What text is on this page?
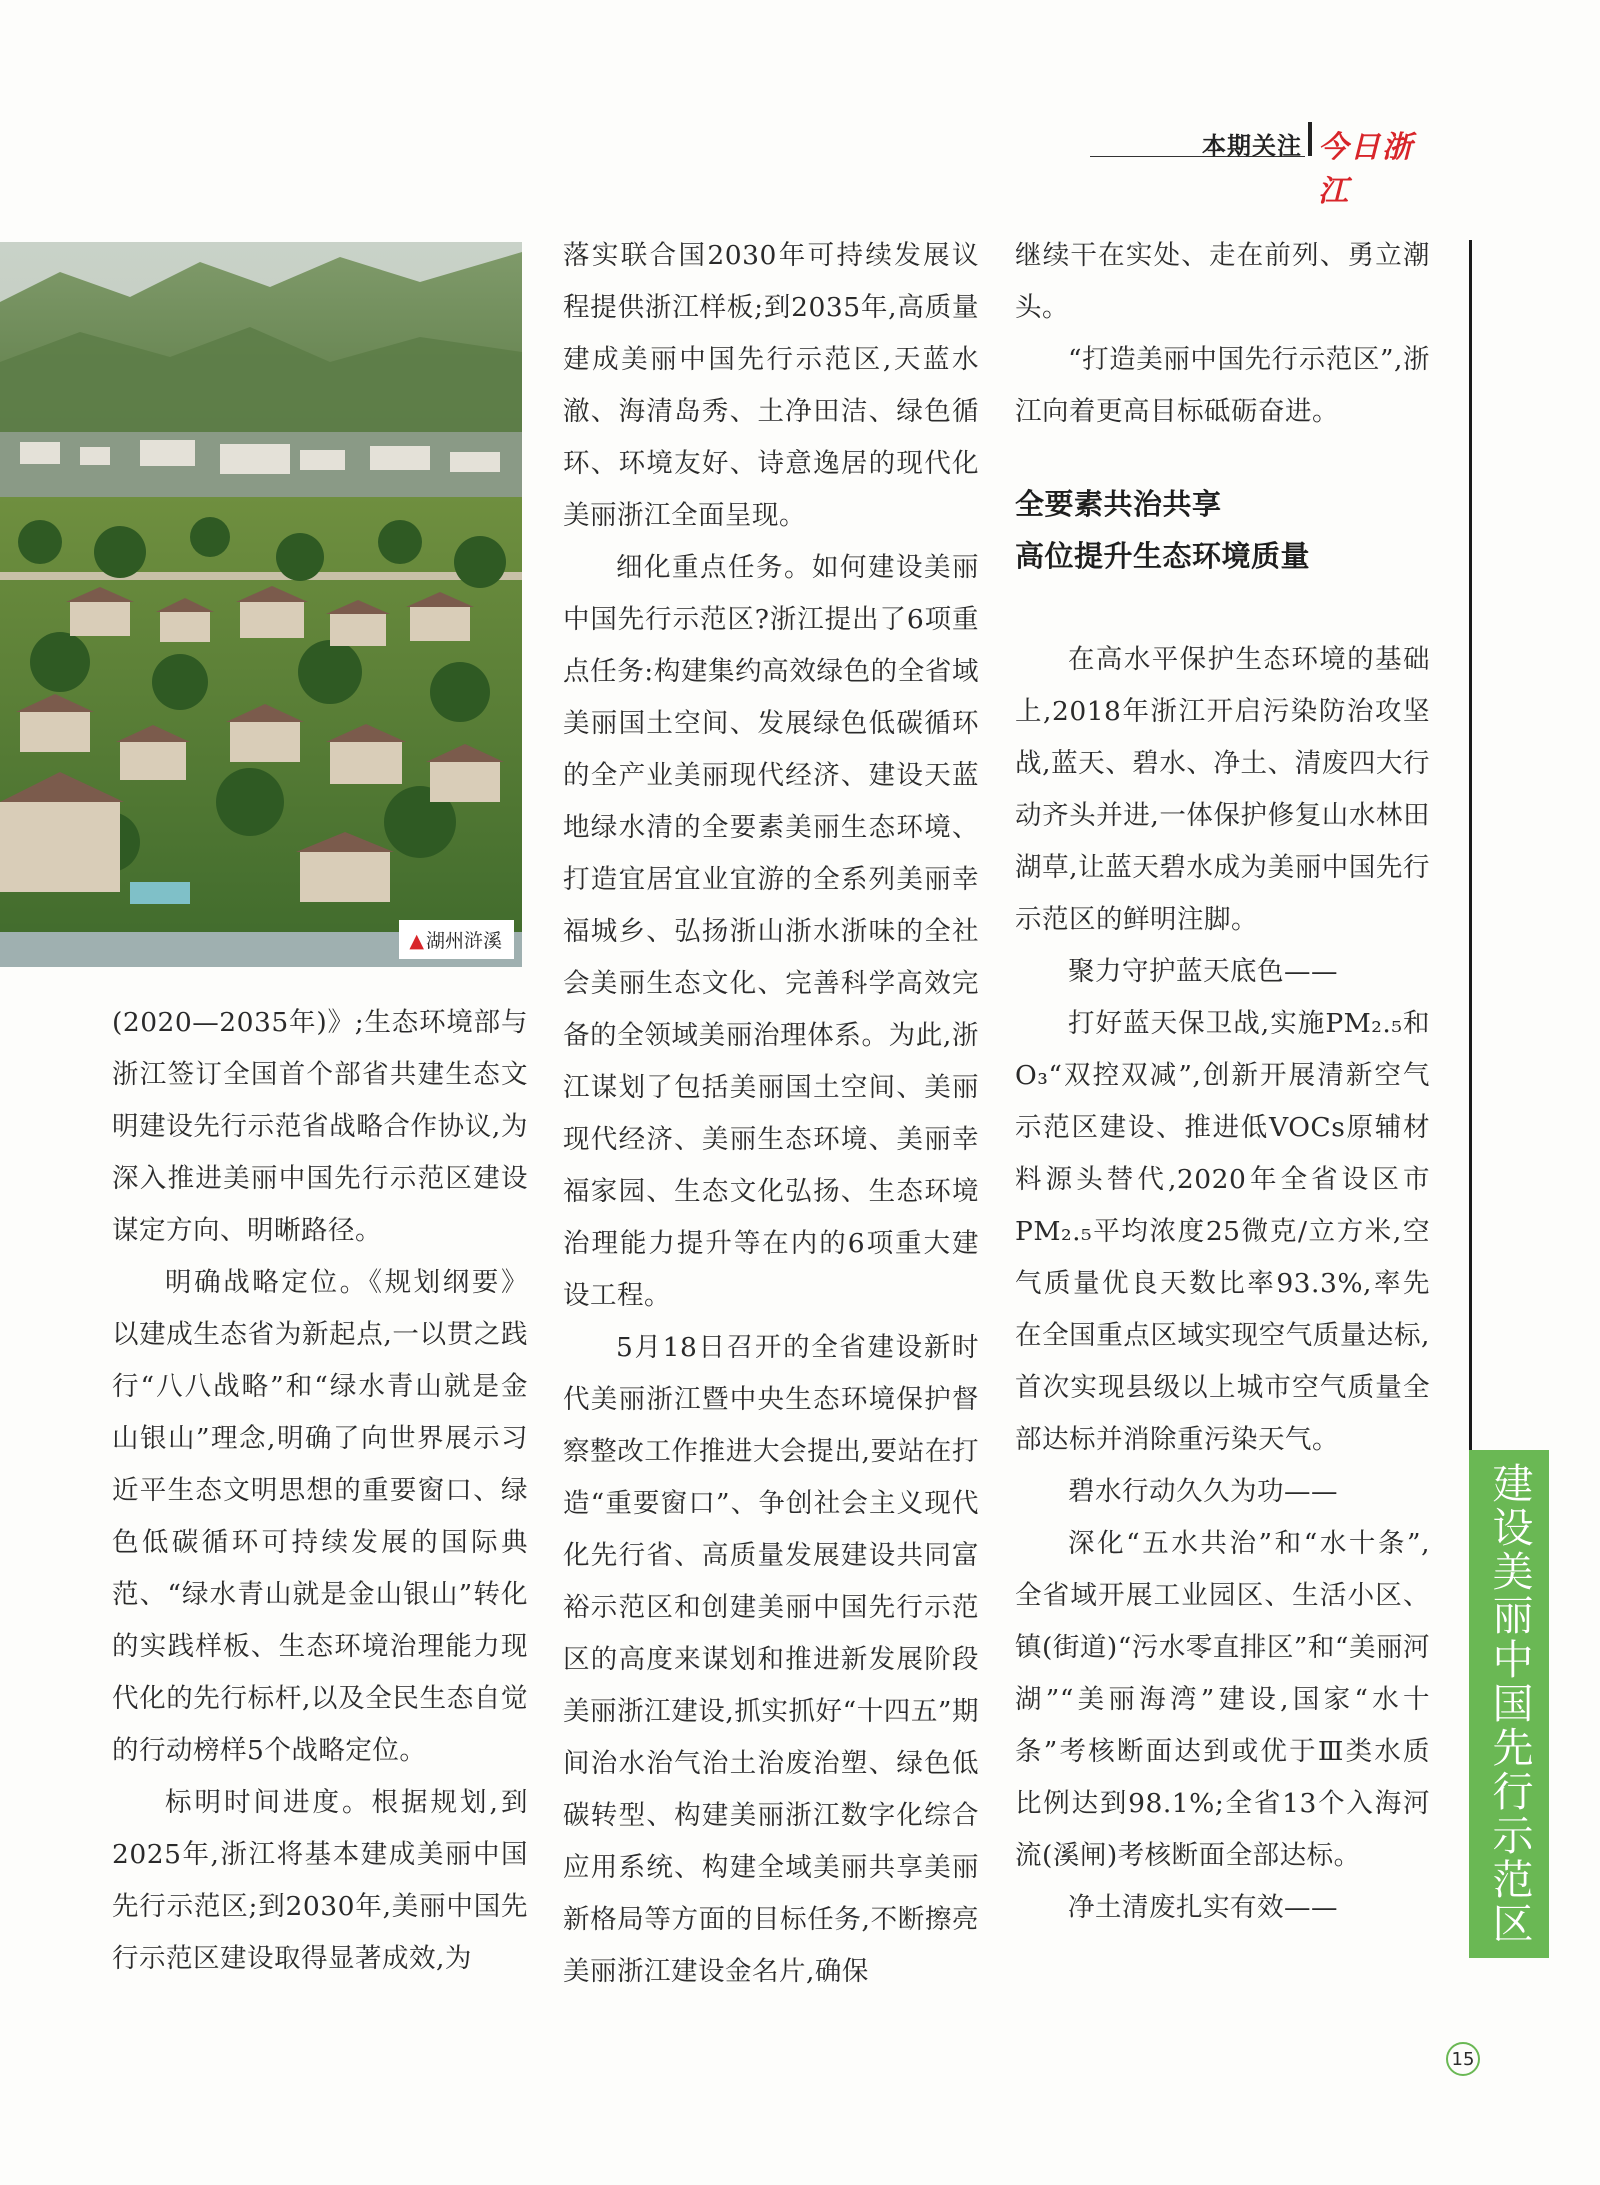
本期关注 今日浙江
▲ 湖州浒溪

(2020—2035年)》;生态环境部与浙江签订全国首个部省共建生态文明建设先行示范省战略合作协议,为深入推进美丽中国先行示范区建设谋定方向、明晰路径。

明确战略定位。《规划纲要》以建成生态省为新起点,一以贯之践行“八八战略”和“绿水青山就是金山银山”理念,明确了向世界展示习近平生态文明思想的重要窗口、绿色低碳循环可持续发展的国际典范、“绿水青山就是金山银山”转化的实践样板、生态环境治理能力现代化的先行标杆,以及全民生态自觉的行动榜样5个战略定位。

标明时间进度。根据规划,到2025年,浙江将基本建成美丽中国先行示范区;到2030年,美丽中国先行示范区建设取得显著成效,为

落实联合国2030年可持续发展议程提供浙江样板;到2035年,高质量建成美丽中国先行示范区,天蓝水澈、海清岛秀、土净田洁、绿色循环、环境友好、诗意逸居的现代化美丽浙江全面呈现。

细化重点任务。如何建设美丽中国先行示范区?浙江提出了6项重点任务:构建集约高效绿色的全省域美丽国土空间、发展绿色低碳循环的全产业美丽现代经济、建设天蓝地绿水清的全要素美丽生态环境、打造宜居宜业宜游的全系列美丽幸福城乡、弘扬浙山浙水浙味的全社会美丽生态文化、完善科学高效完备的全领域美丽治理体系。为此,浙江谋划了包括美丽国土空间、美丽现代经济、美丽生态环境、美丽幸福家园、生态文化弘扬、生态环境治理能力提升等在内的6项重大建设工程。

5月18日召开的全省建设新时代美丽浙江暨中央生态环境保护督察整改工作推进大会提出,要站在打造“重要窗口”、争创社会主义现代化先行省、高质量发展建设共同富裕示范区和创建美丽中国先行示范区的高度来谋划和推进新发展阶段美丽浙江建设,抓实抓好“十四五”期间治水治气治土治废治塑、绿色低碳转型、构建美丽浙江数字化综合应用系统、构建全域美丽共享美丽新格局等方面的目标任务,不断擦亮美丽浙江建设金名片,确保

继续干在实处、走在前列、勇立潮头。

“打造美丽中国先行示范区”,浙江向着更高目标砥砺奋进。

全要素共治共享
高位提升生态环境质量

在高水平保护生态环境的基础上,2018年浙江开启污染防治攻坚战,蓝天、碧水、净土、清废四大行动齐头并进,一体保护修复山水林田湖草,让蓝天碧水成为美丽中国先行示范区的鲜明注脚。

聚力守护蓝天底色——

打好蓝天保卫战,实施PM₂.₅和O₃“双控双减”,创新开展清新空气示范区建设、推进低VOCs原辅材料源头替代,2020年全省设区市PM₂.₅平均浓度25微克/立方米,空气质量优良天数比率93.3%,率先在全国重点区域实现空气质量达标,首次实现县级以上城市空气质量全部达标并消除重污染天气。

碧水行动久久为功——

深化“五水共治”和“水十条”,全省域开展工业园区、生活小区、镇(街道)“污水零直排区”和“美丽河湖”“美丽海湾”建设,国家“水十条”考核断面达到或优于Ⅲ类水质比例达到98.1%;全省13个入海河流(溪闸)考核断面全部达标。

净土清废扎实有效——	建设美丽中国先行示范区
15
